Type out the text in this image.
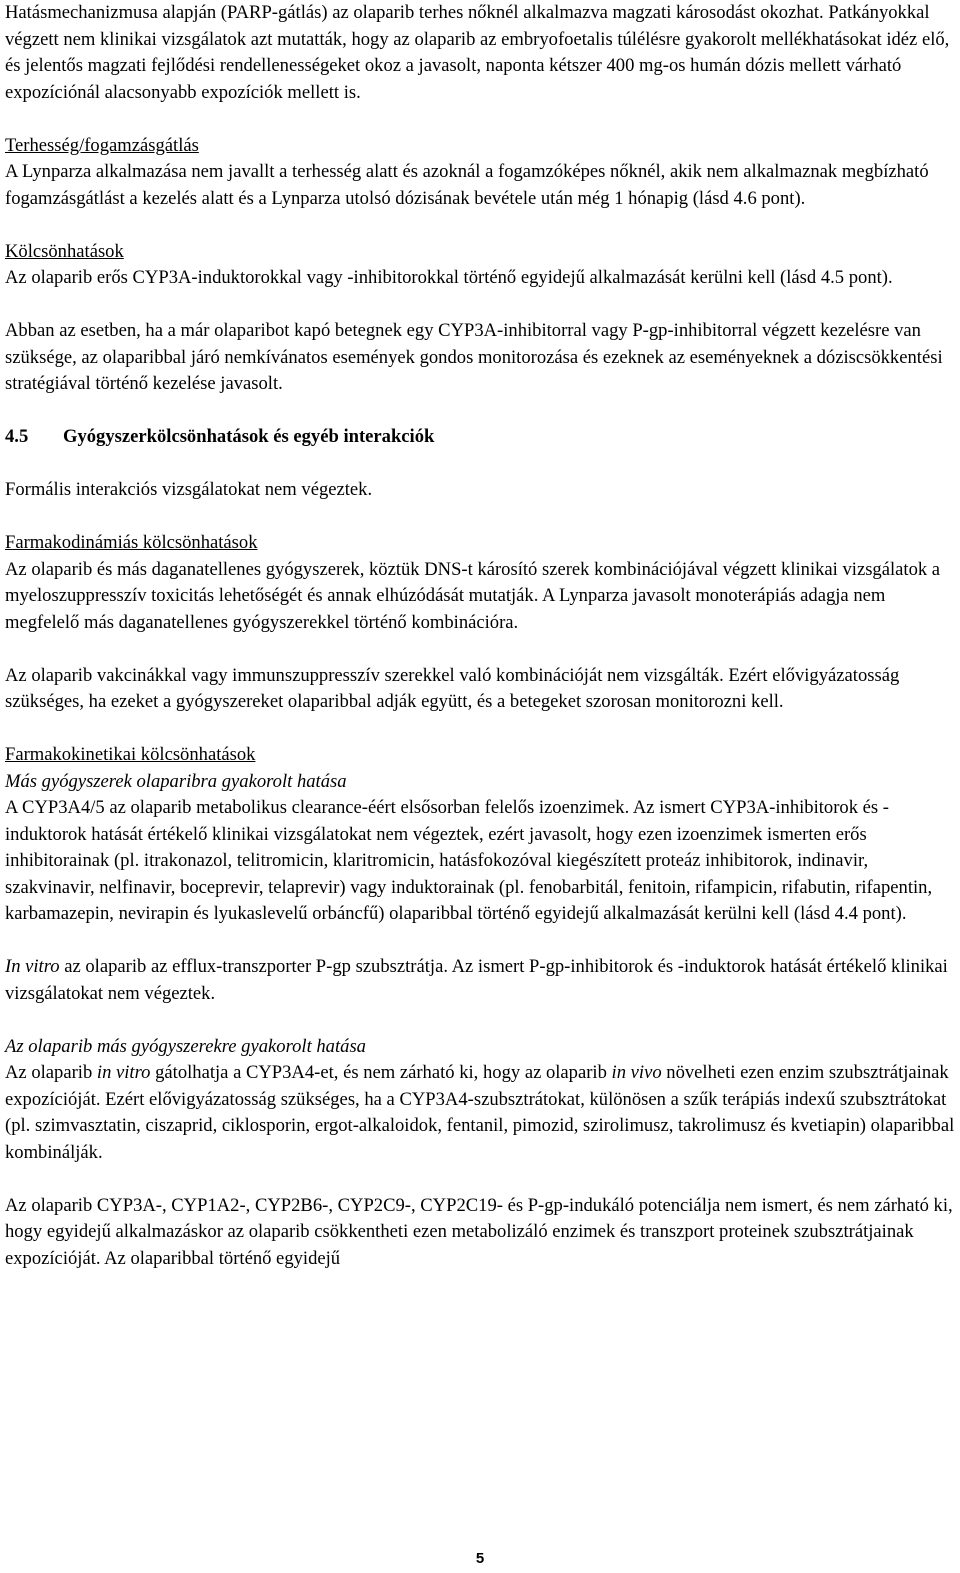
Hatásmechanizmusa alapján (PARP-gátlás) az olaparib terhes nőknél alkalmazva magzati károsodást okozhat. Patkányokkal végzett nem klinikai vizsgálatok azt mutatták, hogy az olaparib az embryofoetalis túlélésre gyakorolt mellékhatásokat idéz elő, és jelentős magzati fejlődési rendellenességeket okoz a javasolt, naponta kétszer 400 mg-os humán dózis mellett várható expozíciónál alacsonyabb expozíciók mellett is.

Terhesség/fogamzásgátlás

A Lynparza alkalmazása nem javallt a terhesség alatt és azoknál a fogamzóképes nőknél, akik nem alkalmaznak megbízható fogamzásgátlást a kezelés alatt és a Lynparza utolsó dózisának bevétele után még 1 hónapig (lásd 4.6 pont).

Kölcsönhatások

Az olaparib erős CYP3A-induktorokkal vagy -inhibitorokkal történő egyidejű alkalmazását kerülni kell (lásd 4.5 pont).

Abban az esetben, ha a már olaparibot kapó betegnek egy CYP3A-inhibitorral vagy P-gp-inhibitorral végzett kezelésre van szüksége, az olaparibbal járó nemkívánatos események gondos monitorozása és ezeknek az eseményeknek a dóziscsökkentési stratégiával történő kezelése javasolt.

4.5 Gyógyszerkölcsönhatások és egyéb interakciók

Formális interakciós vizsgálatokat nem végeztek.

Farmakodinámiás kölcsönhatások

Az olaparib és más daganatellenes gyógyszerek, köztük DNS-t károsító szerek kombinációjával végzett klinikai vizsgálatok a myeloszuppresszív toxicitás lehetőségét és annak elhúzódását mutatják. A Lynparza javasolt monoterápiás adagja nem megfelelő más daganatellenes gyógyszerekkel történő kombinációra.

Az olaparib vakcinákkal vagy immunszuppresszív szerekkel való kombinációját nem vizsgálták. Ezért elővigyázatosság szükséges, ha ezeket a gyógyszereket olaparibbal adják együtt, és a betegeket szorosan monitorozni kell.

Farmakokinetikai kölcsönhatások

Más gyógyszerek olaparibra gyakorolt hatása

A CYP3A4/5 az olaparib metabolikus clearance-éért elsősorban felelős izoenzimek. Az ismert CYP3A-inhibitorok és -induktorok hatását értékelő klinikai vizsgálatokat nem végeztek, ezért javasolt, hogy ezen izoenzimek ismerten erős inhibitorainak (pl. itrakonazol, telitromicin, klaritromicin, hatásfokozóval kiegészített proteáz inhibitorok, indinavir, szakvinavir, nelfinavir, boceprevir, telaprevir) vagy induktorainak (pl. fenobarbitál, fenitoin, rifampicin, rifabutin, rifapentin, karbamazepin, nevirapin és lyukaslevelű orbáncfű) olaparibbal történő egyidejű alkalmazását kerülni kell (lásd 4.4 pont).

In vitro az olaparib az efflux-transzporter P-gp szubsztrátja. Az ismert P-gp-inhibitorok és -induktorok hatását értékelő klinikai vizsgálatokat nem végeztek.

Az olaparib más gyógyszerekre gyakorolt hatása

Az olaparib in vitro gátolhatja a CYP3A4-et, és nem zárható ki, hogy az olaparib in vivo növelheti ezen enzim szubsztrátjainak expozícióját. Ezért elővigyázatosság szükséges, ha a CYP3A4-szubsztrátokat, különösen a szűk terápiás indexű szubsztrátokat (pl. szimvasztatin, ciszaprid, ciklosporin, ergot-alkaloidok, fentanil, pimozid, szirolimusz, takrolimusz és kvetiapin) olaparibbal kombinálják.

Az olaparib CYP3A-, CYP1A2-, CYP2B6-, CYP2C9-, CYP2C19- és P-gp-indukáló potenciálja nem ismert, és nem zárható ki, hogy egyidejű alkalmazáskor az olaparib csökkentheti ezen metabolizáló enzimek és transzport proteinek szubsztrátjainak expozícióját. Az olaparibbal történő egyidejű

5
